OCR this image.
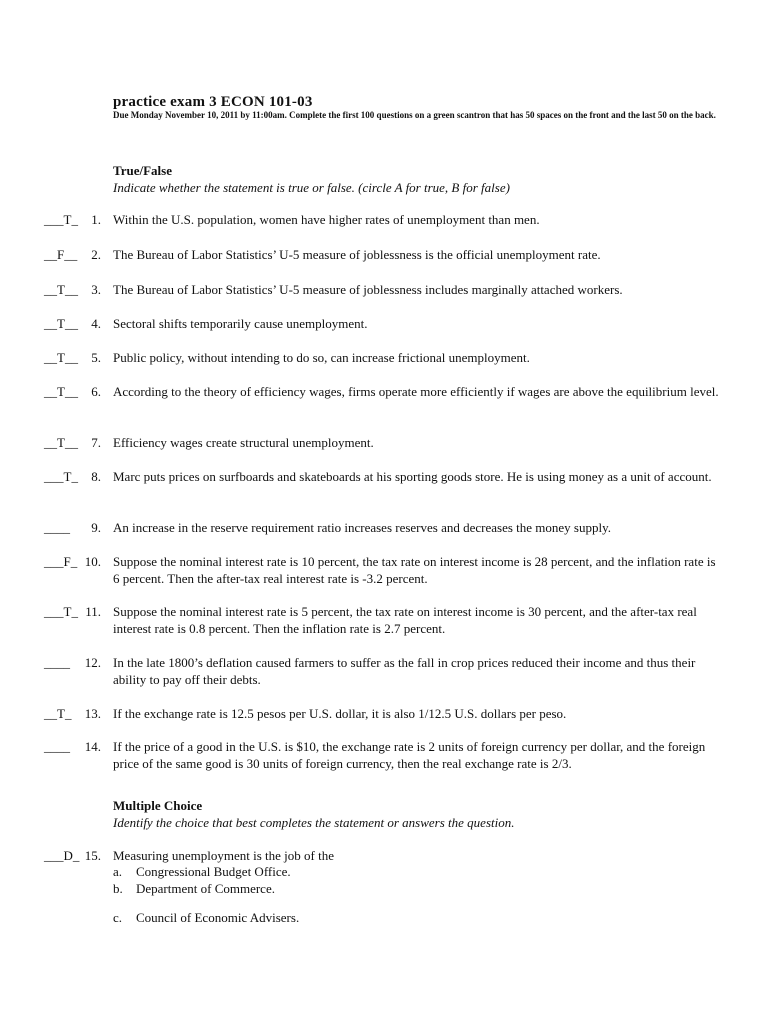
practice exam 3 ECON 101-03
Due Monday November 10, 2011 by 11:00am. Complete the first 100 questions on a green scantron that has 50 spaces on the front and the last 50 on the back.
True/False
Indicate whether the statement is true or false. (circle A for true, B for false)
___T_	1. Within the U.S. population, women have higher rates of unemployment than men.
__F__	2. The Bureau of Labor Statistics’ U-5 measure of joblessness is the official unemployment rate.
__T__	3. The Bureau of Labor Statistics’ U-5 measure of joblessness includes marginally attached workers.
__T__	4. Sectoral shifts temporarily cause unemployment.
__T__	5. Public policy, without intending to do so, can increase frictional unemployment.
__T__	6. According to the theory of efficiency wages, firms operate more efficiently if wages are above the equilibrium level.
__T__	7. Efficiency wages create structural unemployment.
___T_	8. Marc puts prices on surfboards and skateboards at his sporting goods store. He is using money as a unit of account.
____	9. An increase in the reserve requirement ratio increases reserves and decreases the money supply.
___F_ 10. Suppose the nominal interest rate is 10 percent, the tax rate on interest income is 28 percent, and the inflation rate is 6 percent. Then the after-tax real interest rate is -3.2 percent.
___T_ 11. Suppose the nominal interest rate is 5 percent, the tax rate on interest income is 30 percent, and the after-tax real interest rate is 0.8 percent. Then the inflation rate is 2.7 percent.
____	12. In the late 1800’s deflation caused farmers to suffer as the fall in crop prices reduced their income and thus their ability to pay off their debts.
__T_	13. If the exchange rate is 12.5 pesos per U.S. dollar, it is also 1/12.5 U.S. dollars per peso.
____	14. If the price of a good in the U.S. is $10, the exchange rate is 2 units of foreign currency per dollar, and the foreign price of the same good is 30 units of foreign currency, then the real exchange rate is 2/3.
Multiple Choice
Identify the choice that best completes the statement or answers the question.
___D_ 15. Measuring unemployment is the job of the
a. Congressional Budget Office.
b. Department of Commerce.
c. Council of Economic Advisers.
